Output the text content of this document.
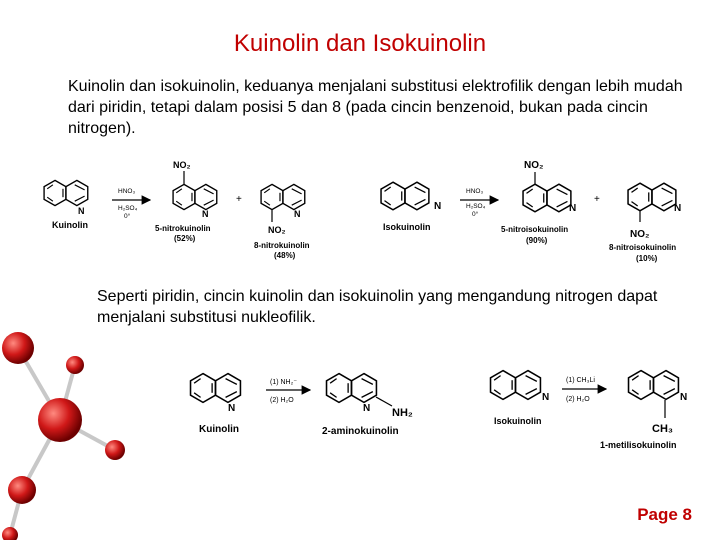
Kuinolin dan Isokuinolin
Kuinolin dan isokuinolin, keduanya menjalani substitusi elektrofilik dengan lebih mudah dari piridin, tetapi dalam posisi 5 dan 8 (pada cincin benzenoid, bukan pada cincin nitrogen).
Seperti piridin, cincin kuinolin dan isokuinolin yang mengandung nitrogen dapat menjalani substitusi nukleofilik.
Page 8
N
Kuinolin
HNO₃
H₂SO₄
0°
NO₂
N
5-nitrokuinolin
(52%)
+
NO₂
N
8-nitrokuinolin
(48%)
N
Isokuinolin
HNO₃
H₂SO₄
0°
NO₂
N
5-nitroisokuinolin
(90%)
+
NO₂
N
8-nitroisokuinolin
(10%)
N
Kuinolin
(1) NH₂⁻
(2) H₂O
N NH₂
2-aminokuinolin
N
Isokuinolin
(1) CH₃Li
(2) H₂O	N
CH₃
1-metilisokuinolin
